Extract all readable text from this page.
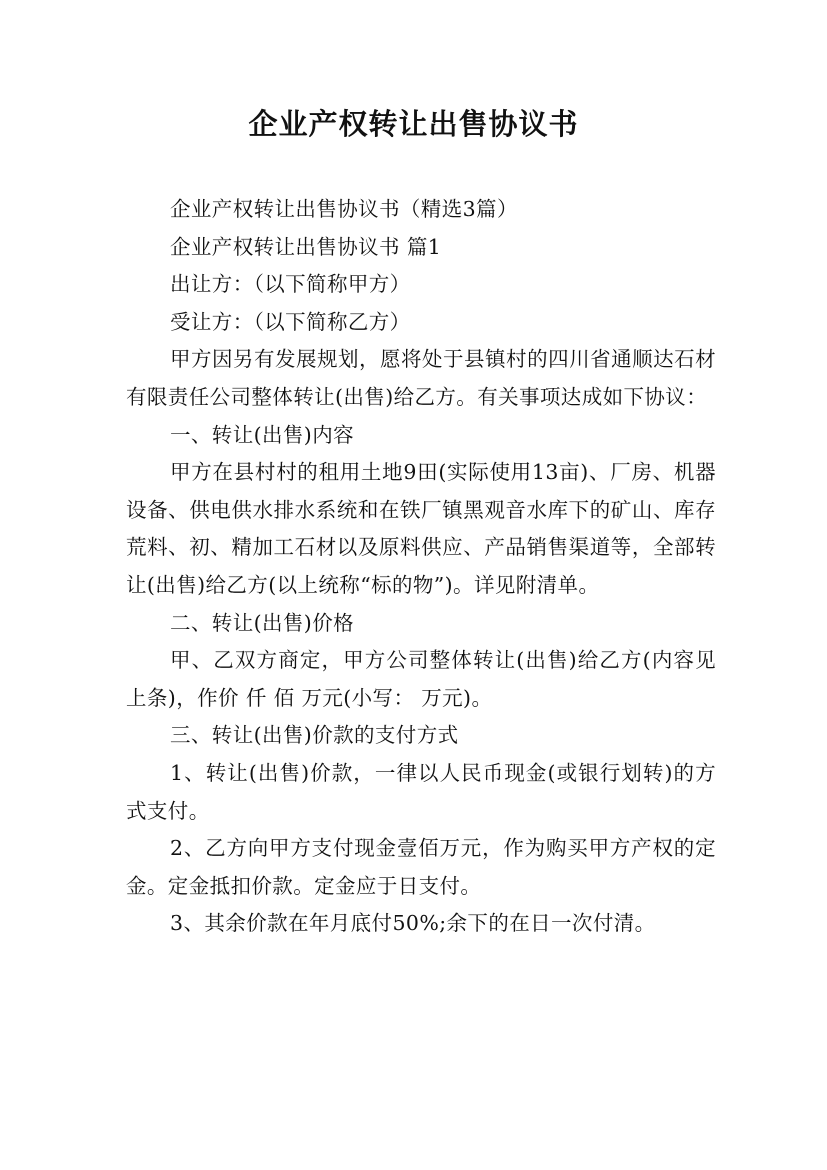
企业产权转让出售协议书

企业产权转让出售协议书（精选3篇）

企业产权转让出售协议书 篇1

出让方：（以下简称甲方）

受让方：（以下简称乙方）

甲方因另有发展规划，愿将处于县镇村的四川省通顺达石材有限责任公司整体转让(出售)给乙方。有关事项达成如下协议：

一、转让(出售)内容

甲方在县村村的租用土地9田(实际使用13亩)、厂房、机器设备、供电供水排水系统和在铁厂镇黑观音水库下的矿山、库存荒料、初、精加工石材以及原料供应、产品销售渠道等，全部转让(出售)给乙方(以上统称“标的物”)。详见附清单。

二、转让(出售)价格

甲、乙双方商定，甲方公司整体转让(出售)给乙方(内容见上条)，作价 仟 佰 万元(小写： 万元)。

三、转让(出售)价款的支付方式

1、转让(出售)价款，一律以人民币现金(或银行划转)的方式支付。

2、乙方向甲方支付现金壹佰万元，作为购买甲方产权的定金。定金抵扣价款。定金应于日支付。

3、其余价款在年月底付50%;余下的在日一次付清。
